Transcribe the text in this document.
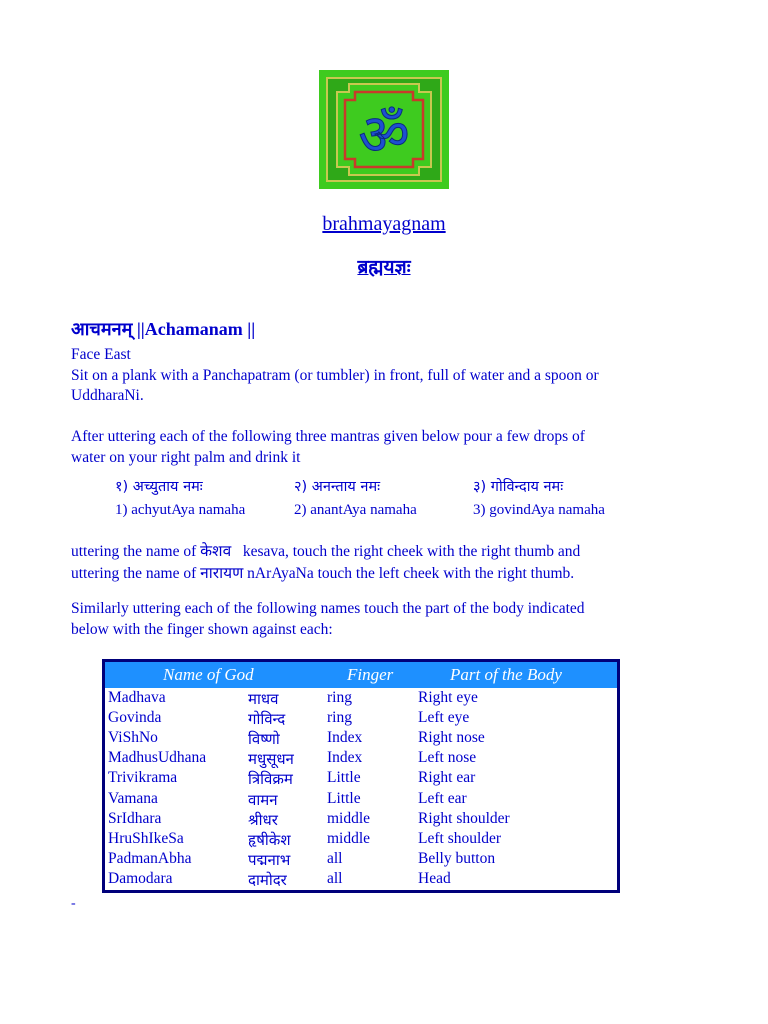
ॐ
brahmayagnam
ब्रह्मयज्ञः
आचमनम् ||Achamanam ||
Face East
Sit on a plank with a Panchapatram (or tumbler) in front, full of water and a spoon or
UddharaNi.
After uttering each of the following three mantras given below pour a few drops of
water on your right palm and drink it
१) अच्युताय नमः	२) अनन्ताय नमः	३) गोविन्दाय नमः
1) achyutAya namaha	2) anantAya namaha	3) govindAya namaha
uttering the name of केशव kesava, touch the right cheek with the right thumb and
uttering the name of नारायण nArAyaNa touch the left cheek with the right thumb.
Similarly uttering each of the following names touch the part of the body indicated
below with the finger shown against each:
Name of God	Finger	Part of the Body
Madhava	माधव	ring	Right eye
Govinda	गोविन्द	ring	Left eye
ViShNo	विष्णो	Index	Right nose
MadhusUdhana	मधुसूधन Index	Left nose
Trivikrama	त्रिविक्रम Little	Right ear
Vamana	वामन	Little	Left ear
SrIdhara	श्रीधर	middle	Right shoulder
HruShIkeSa	हृषीकेश middle	Left shoulder
PadmanAbha	पद्मनाभ all	Belly button
Damodara	दामोदर	all	Head
-
